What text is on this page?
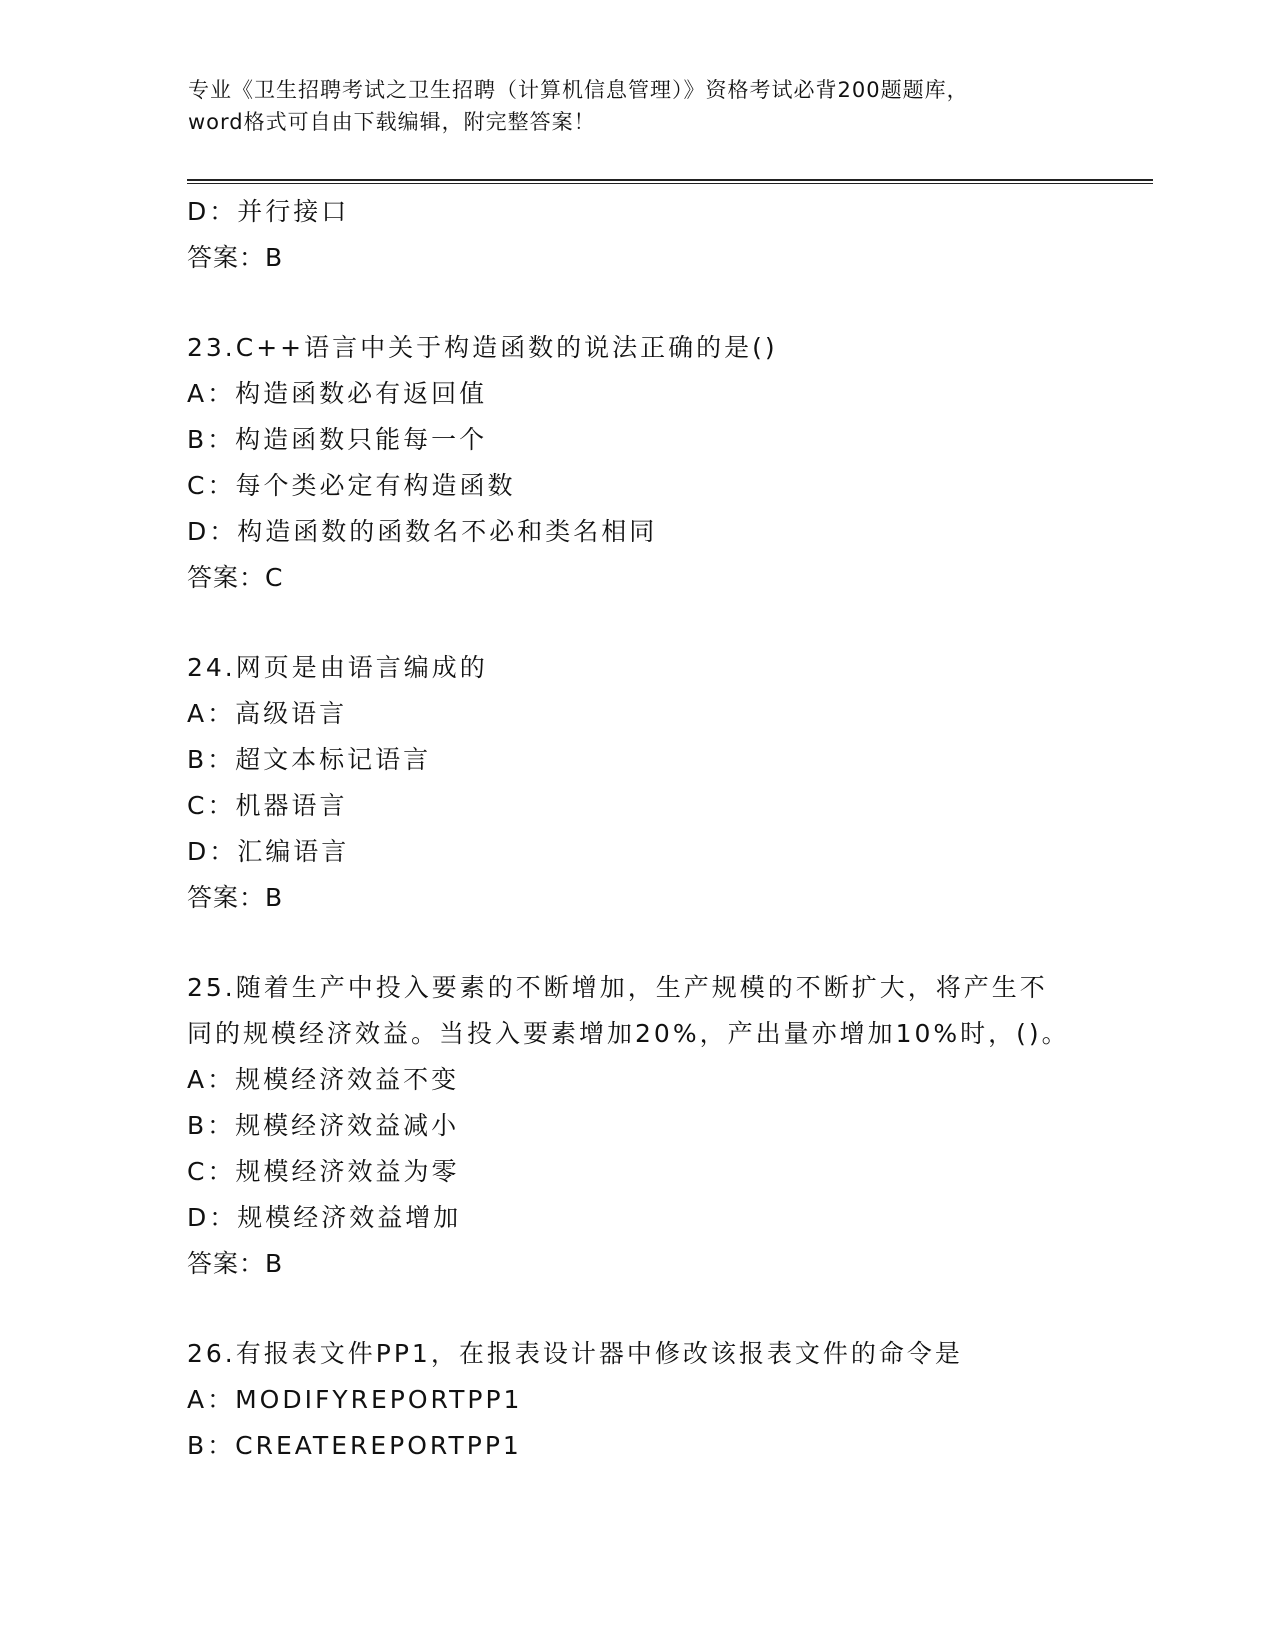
专业《卫生招聘考试之卫生招聘（计算机信息管理）》资格考试必背200题题库，
word格式可自由下载编辑，附完整答案！
D：并行接口
答案：B
23.C++语言中关于构造函数的说法正确的是()
A：构造函数必有返回值
B：构造函数只能每一个
C：每个类必定有构造函数
D：构造函数的函数名不必和类名相同
答案：C
24.网页是由语言编成的
A：高级语言
B：超文本标记语言
C：机器语言
D：汇编语言
答案：B
25.随着生产中投入要素的不断增加，生产规模的不断扩大，将产生不
同的规模经济效益。当投入要素增加20%，产出量亦增加10%时，()。
A：规模经济效益不变
B：规模经济效益减小
C：规模经济效益为零
D：规模经济效益增加
答案：B
26.有报表文件PP1，在报表设计器中修改该报表文件的命令是
A：MODIFYREPORTPP1
B：CREATEREPORTPP1
